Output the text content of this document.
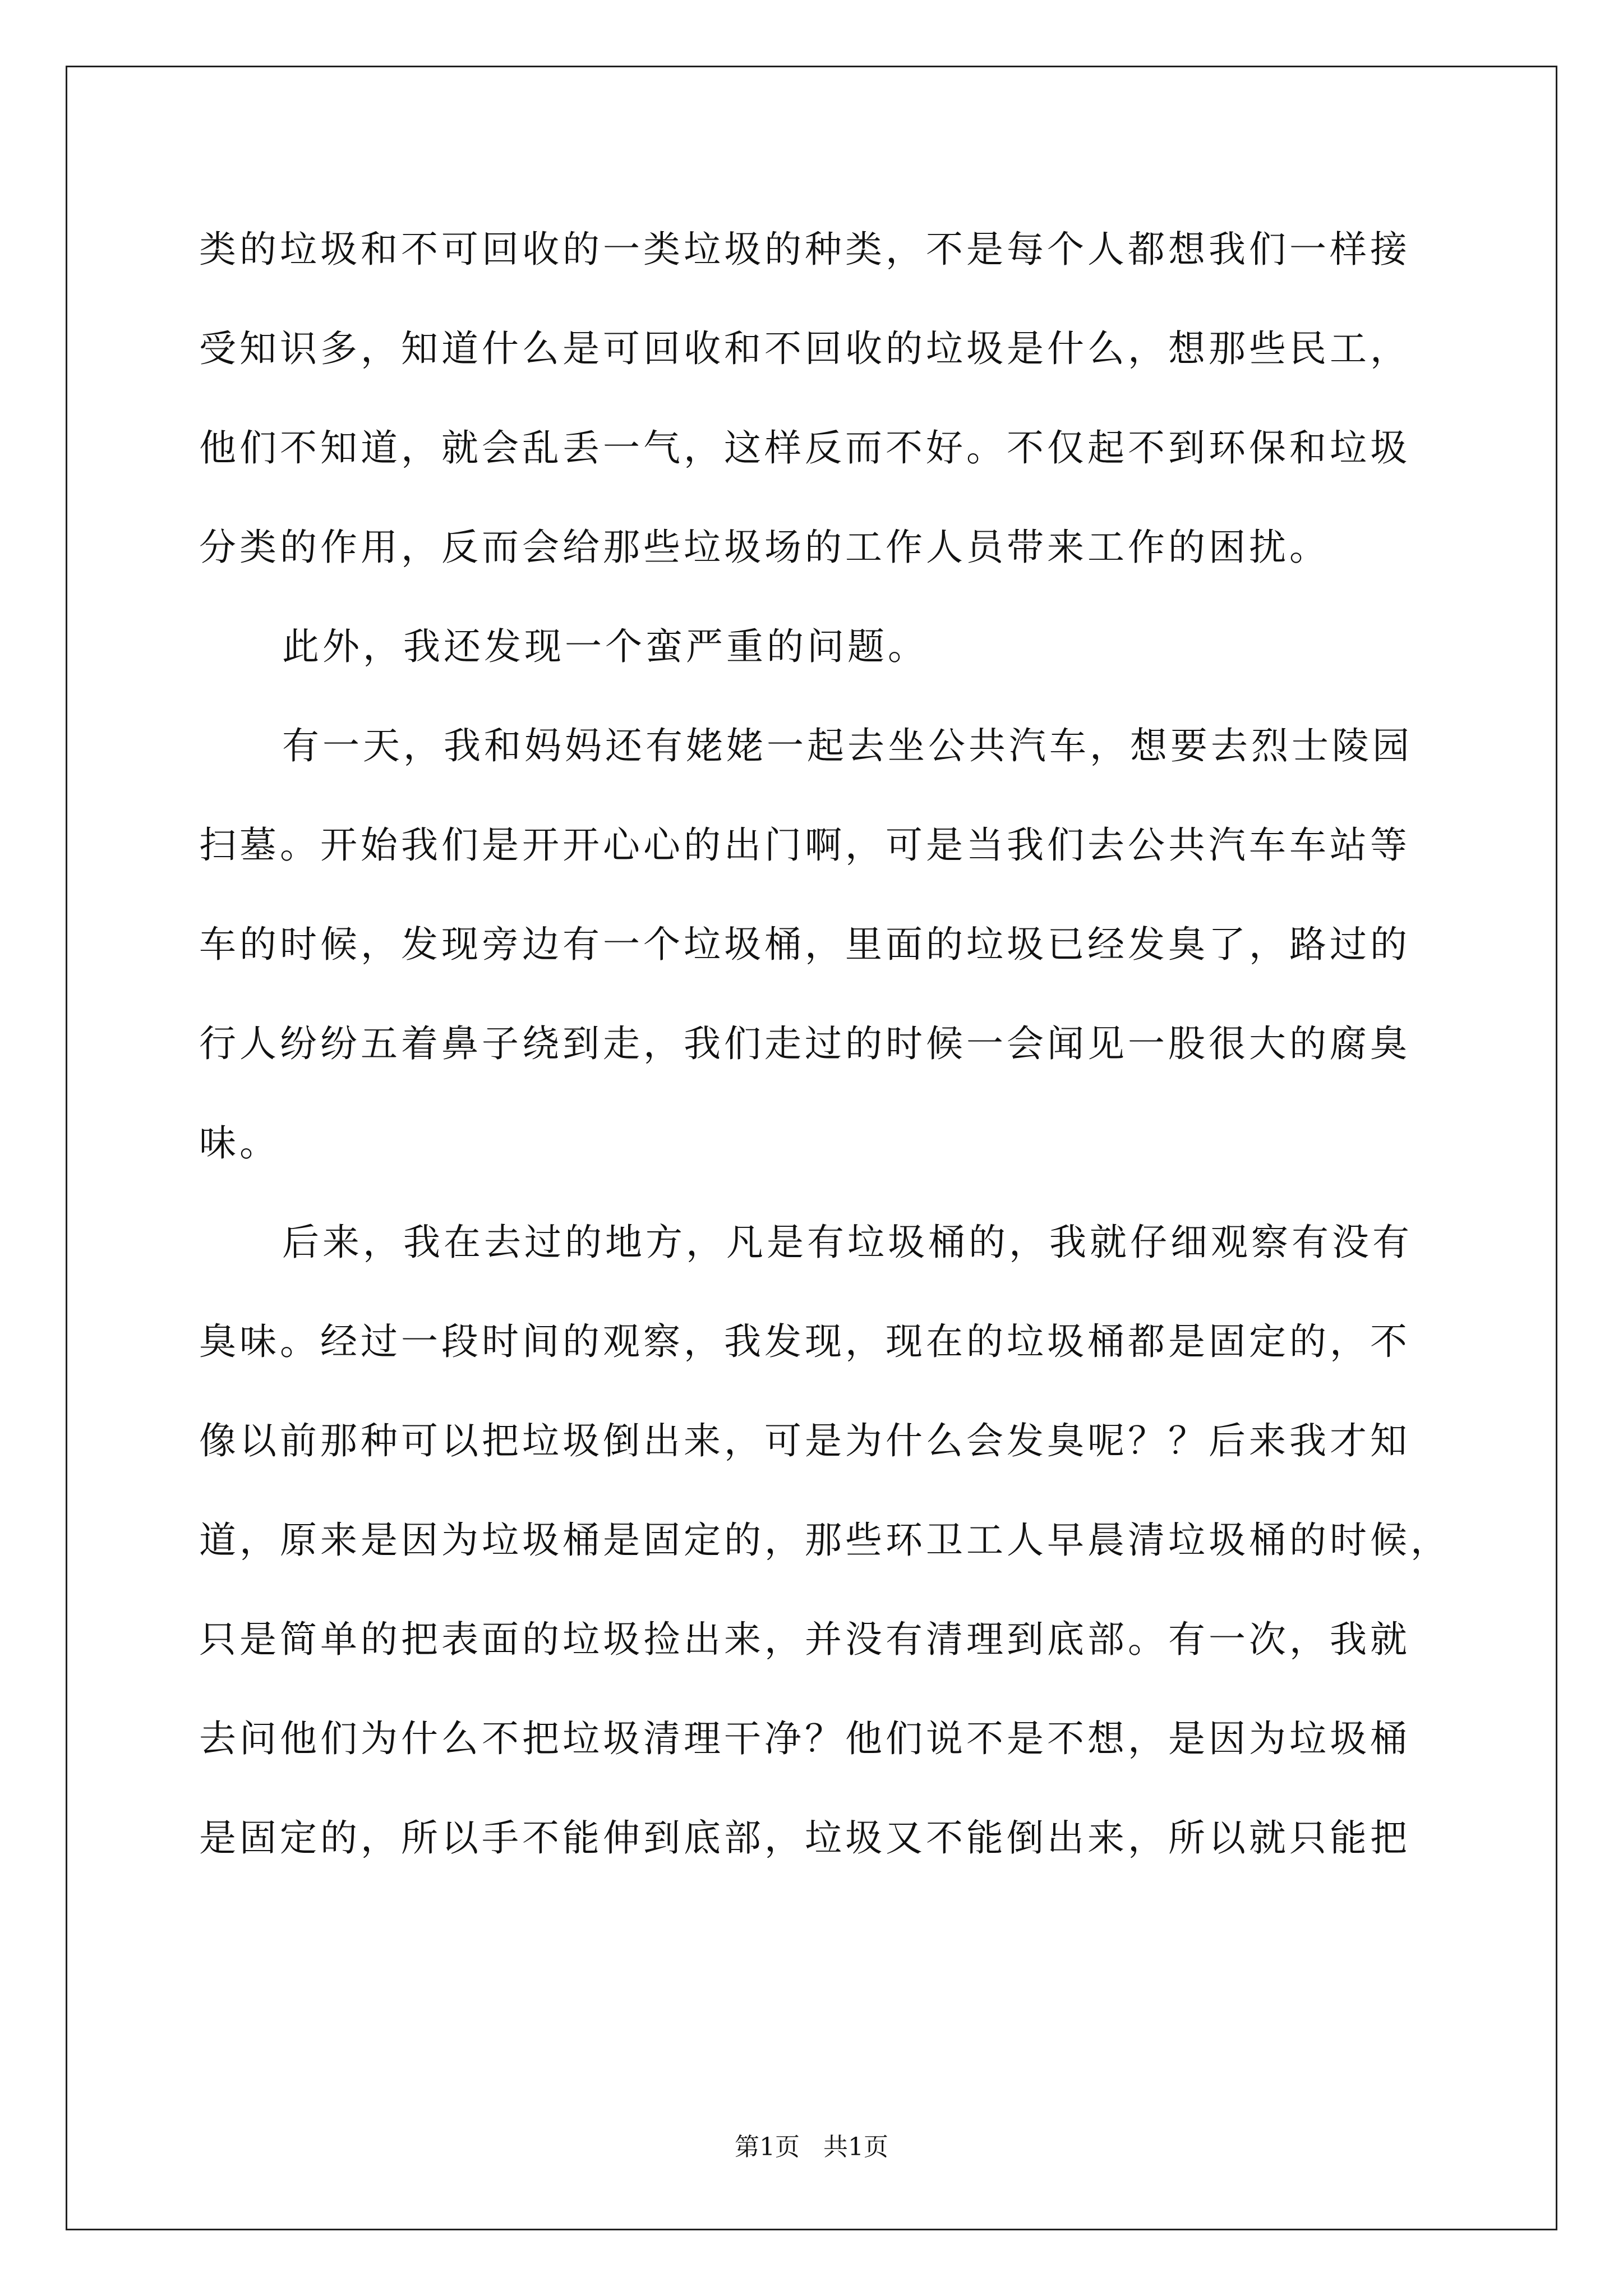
类的垃圾和不可回收的一类垃圾的种类，不是每个人都想我们一样接
受知识多，知道什么是可回收和不回收的垃圾是什么，想那些民工，
他们不知道，就会乱丢一气，这样反而不好。不仅起不到环保和垃圾
分类的作用，反而会给那些垃圾场的工作人员带来工作的困扰。
此外，我还发现一个蛮严重的问题。
有一天，我和妈妈还有姥姥一起去坐公共汽车，想要去烈士陵园
扫墓。开始我们是开开心心的出门啊，可是当我们去公共汽车车站等
车的时候，发现旁边有一个垃圾桶，里面的垃圾已经发臭了，路过的
行人纷纷五着鼻子绕到走，我们走过的时候一会闻见一股很大的腐臭
味。
后来，我在去过的地方，凡是有垃圾桶的，我就仔细观察有没有
臭味。经过一段时间的观察，我发现，现在的垃圾桶都是固定的，不
像以前那种可以把垃圾倒出来，可是为什么会发臭呢？？后来我才知
道，原来是因为垃圾桶是固定的，那些环卫工人早晨清垃圾桶的时候，
只是简单的把表面的垃圾捡出来，并没有清理到底部。有一次，我就
去问他们为什么不把垃圾清理干净？他们说不是不想，是因为垃圾桶
是固定的，所以手不能伸到底部，垃圾又不能倒出来，所以就只能把
第1页   共1页
